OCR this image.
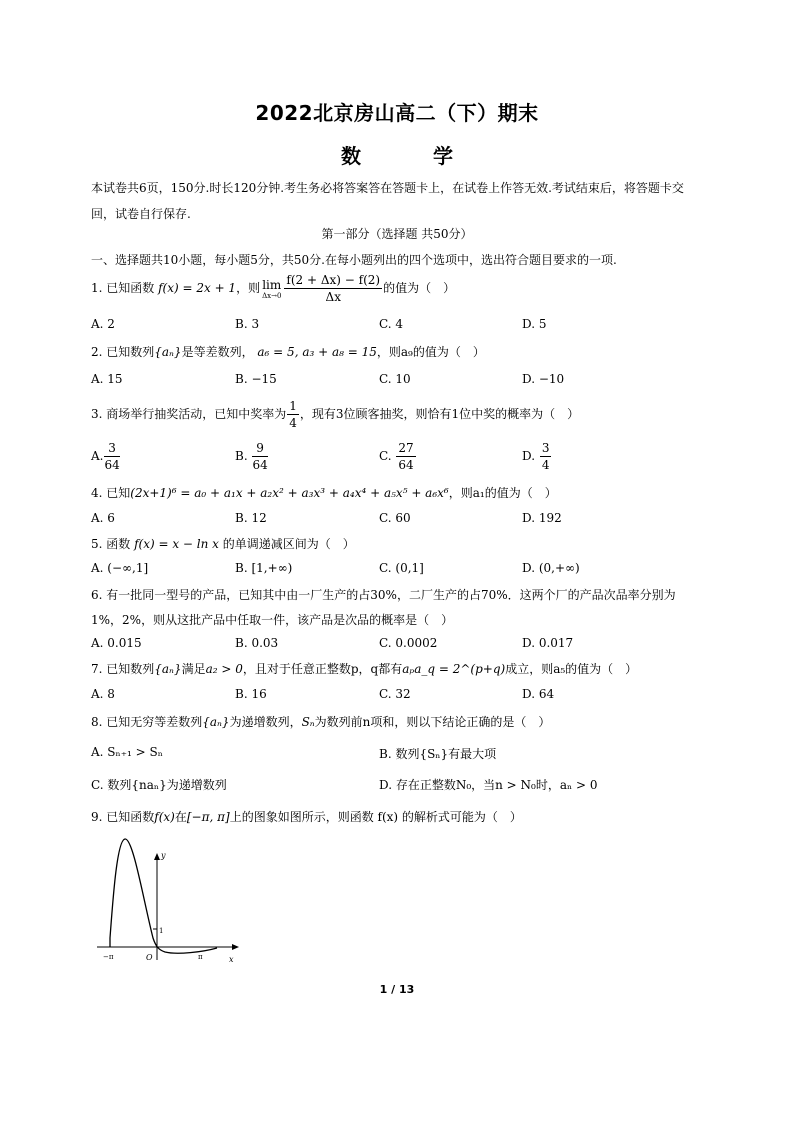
2022北京房山高二（下）期末
数　学
本试卷共6页，150分.时长120分钟.考生务必将答案答在答题卡上，在试卷上作答无效.考试结束后，将答题卡交回，试卷自行保存.
第一部分（选择题 共50分）
一、选择题共10小题，每小题5分，共50分.在每小题列出的四个选项中，选出符合题目要求的一项.
1. 已知函数 f(x) = 2x + 1，则 lim
$\Delta x\to 0 \frac{f(2 + \Delta x) - f(2)}{\Delta x}$ 的值为（　）
A. 2	B. 3	C. 4	D. 5
2. 已知数列{aₙ}是等差数列， a₆ = 5, a₃ + a₈ = 15，则a₉的值为（　）
A. 15	B. −15	C. 10	D. −10
3. 商场举行抽奖活动，已知中奖率为 $\frac{1}{4}$ ，现有3位顾客抽奖，则恰有1位中奖的概率为（　）
A. $\frac{3}{64}$	B. $\frac{9}{64}$	C. $\frac{27}{64}$	D. $\frac{3}{4}$
4. 已知(2x+1)⁶ = a₀ + a₁x + a₂x² + a₃x³ + a₄x⁴ + a₅x⁵ + a₆x⁶，则a₁的值为（　）
A. 6	B. 12	C. 60	D. 192
5. 函数 f(x) = x − ln x 的单调递减区间为（　）
A. (−∞,1]	B. [1,+∞)	C. (0,1]	D. (0,+∞)
6. 有一批同一型号的产品，已知其中由一厂生产的占30%，二厂生产的占70%．这两个厂的产品次品率分别为
1%，2%，则从这批产品中任取一件，该产品是次品的概率是（　）
A. 0.015	B. 0.03	C. 0.0002	D. 0.017
7. 已知数列{aₙ}满足a₂ > 0，且对于任意正整数p，q都有aₚa_q = 2^(p+q)成立，则a₅的值为（　）
A. 8	B. 16	C. 32	D. 64
8. 已知无穷等差数列{aₙ}为递增数列，Sₙ为数列前n项和，则以下结论正确的是（　）
A. Sₙ₊₁ > Sₙ	B. 数列{Sₙ}有最大项
C. 数列{naₙ}为递增数列	D. 存在正整数N₀，当n > N₀时，aₙ > 0
9. 已知函数f(x)在[−π, π]上的图象如图所示，则函数 f(x) 的解析式可能为（　）
y
x
1
−π	O	π
1 / 13
